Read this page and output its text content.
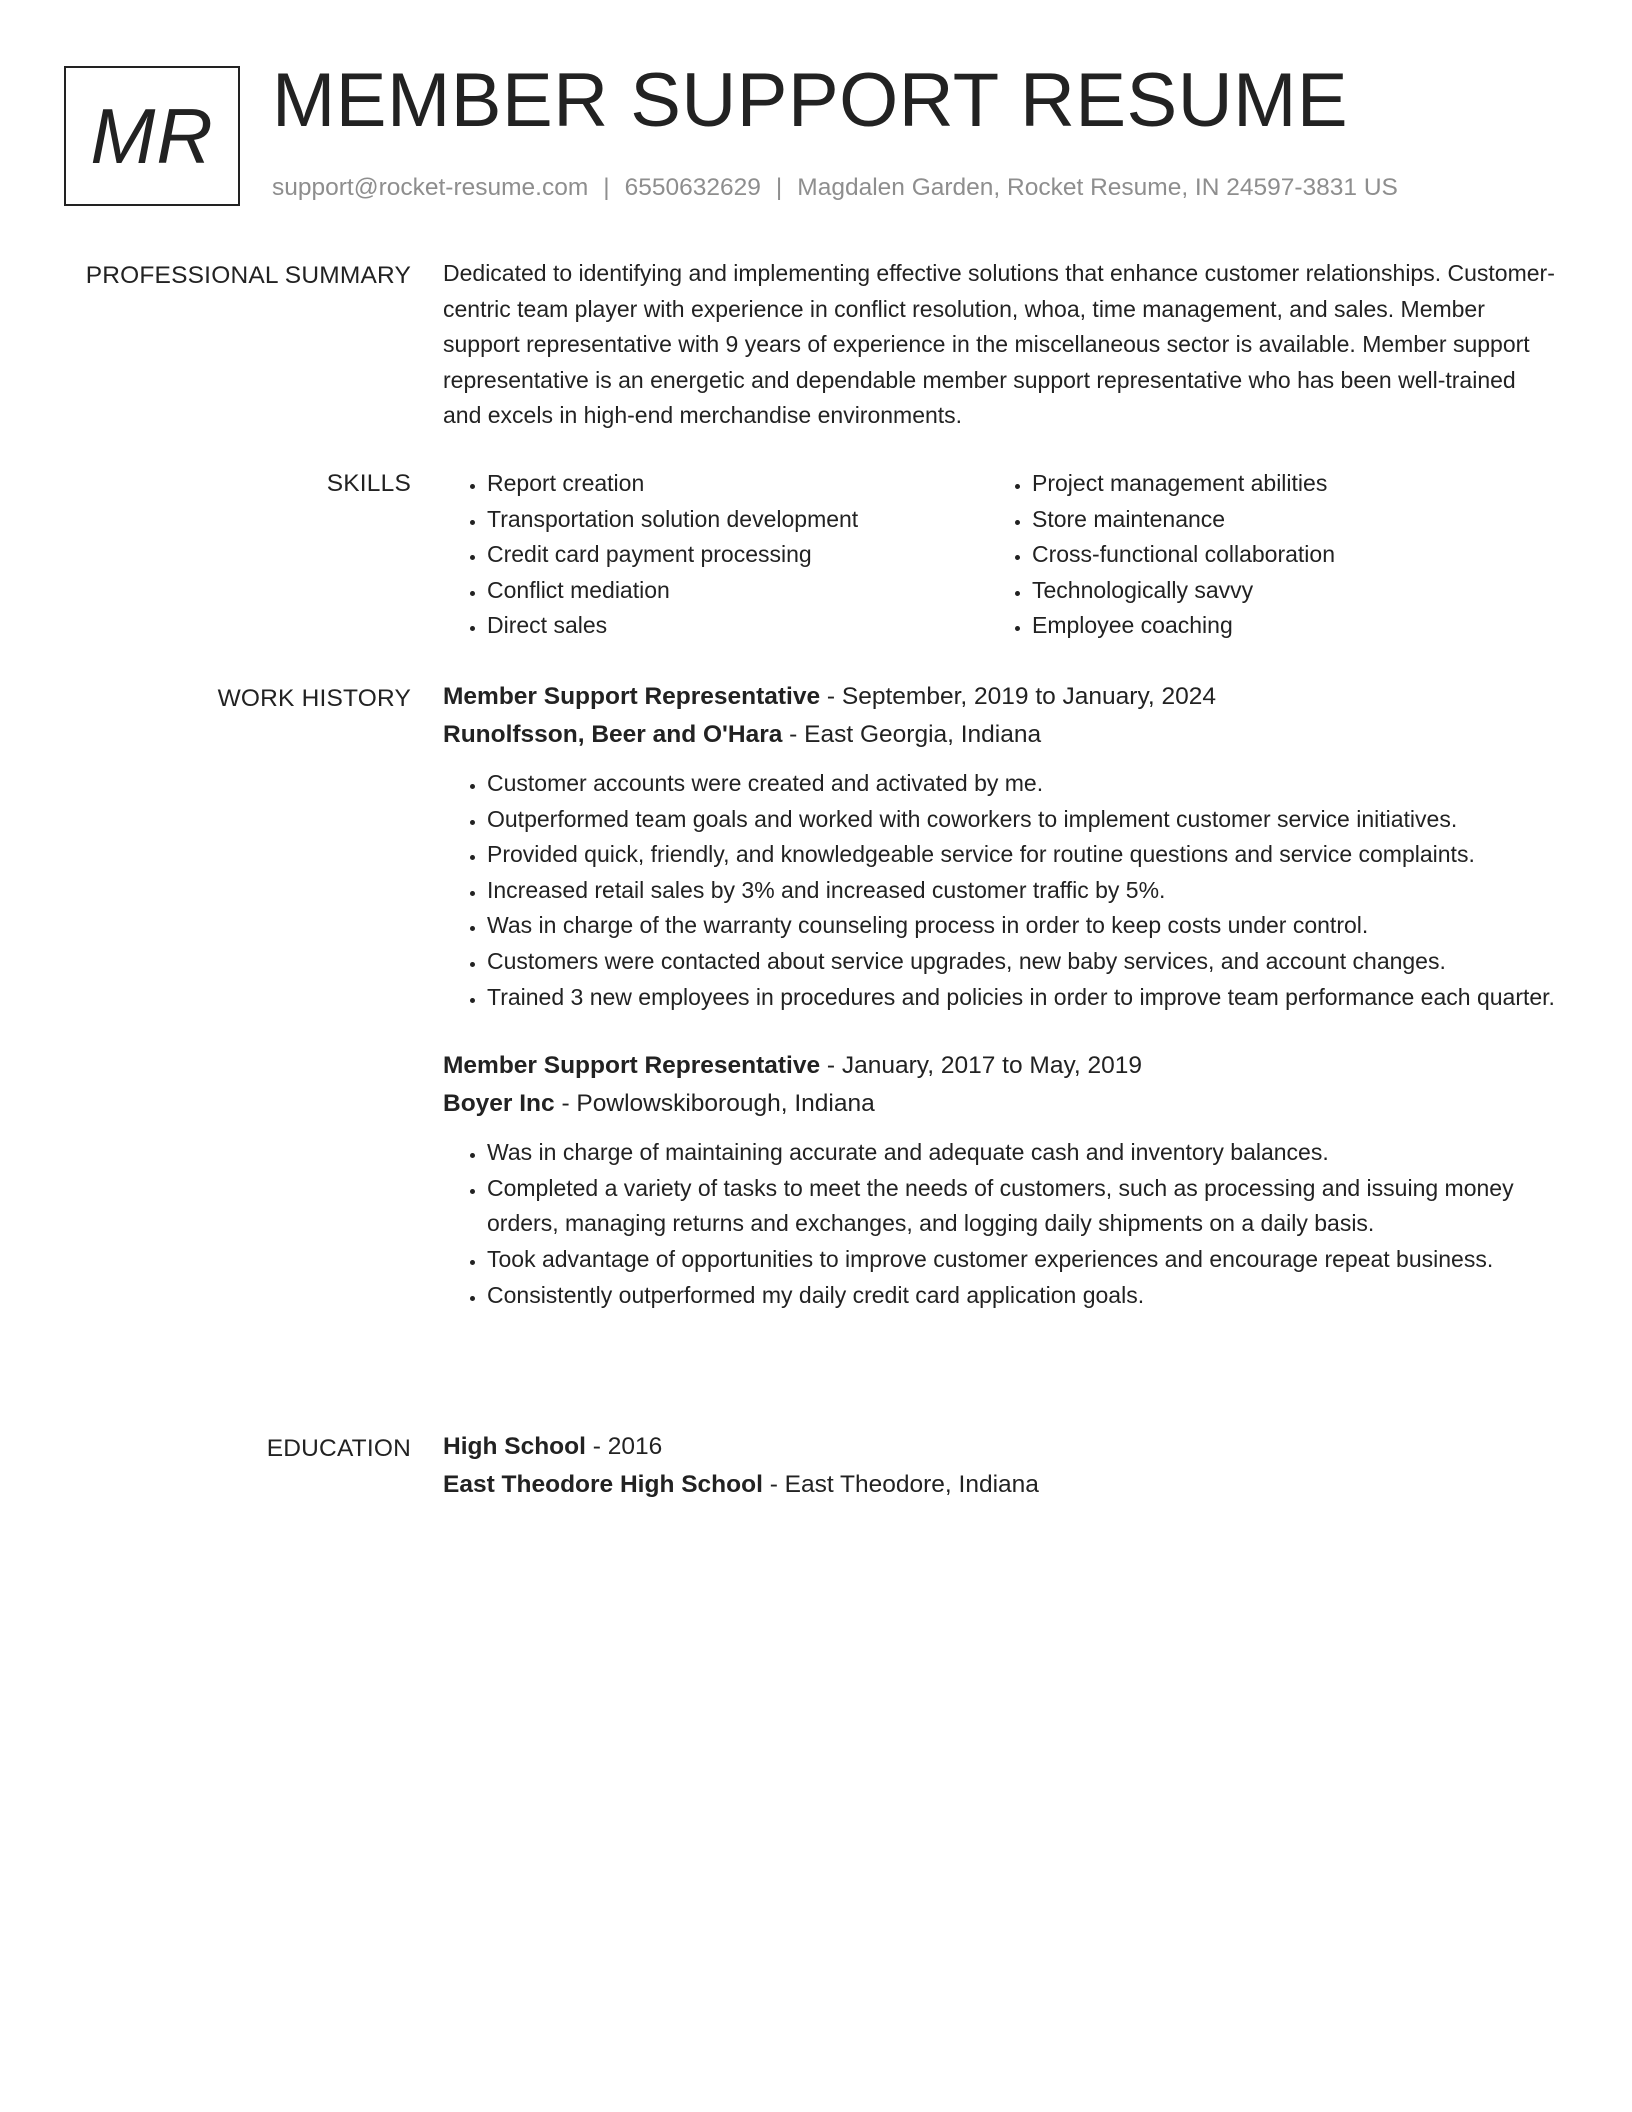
MR MEMBER SUPPORT RESUME
support@rocket-resume.com | 6550632629 | Magdalen Garden, Rocket Resume, IN 24597-3831 US
PROFESSIONAL SUMMARY Dedicated to identifying and implementing effective solutions that enhance customer relationships. Customer-centric team player with experience in conflict resolution, whoa, time management, and sales. Member support representative with 9 years of experience in the miscellaneous sector is available. Member support representative is an energetic and dependable member support representative who has been well-trained and excels in high-end merchandise environments.
SKILLS
•	Report creation
• Transportation solution development
• Credit card payment processing
• Conflict mediation
• Direct sales
• Project management abilities
• Store maintenance
• Cross-functional collaboration
• Technologically savvy
• Employee coaching
WORK HISTORY Member Support Representative - September, 2019 to January, 2024
Runolfsson, Beer and O'Hara - East Georgia, Indiana
• Customer accounts were created and activated by me.
• Outperformed team goals and worked with coworkers to implement customer service initiatives.
• Provided quick, friendly, and knowledgeable service for routine questions and service complaints.
• Increased retail sales by 3% and increased customer traffic by 5%.
• Was in charge of the warranty counseling process in order to keep costs under control.
• Customers were contacted about service upgrades, new baby services, and account changes.
• Trained 3 new employees in procedures and policies in order to improve team performance each quarter.
Member Support Representative - January, 2017 to May, 2019
Boyer Inc - Powlowskiborough, Indiana
• Was in charge of maintaining accurate and adequate cash and inventory balances.
• Completed a variety of tasks to meet the needs of customers, such as processing and issuing money orders, managing returns and exchanges, and logging daily shipments on a daily basis.
• Took advantage of opportunities to improve customer experiences and encourage repeat business.
• Consistently outperformed my daily credit card application goals.
EDUCATION High School - 2016
East Theodore High School - East Theodore, Indiana
